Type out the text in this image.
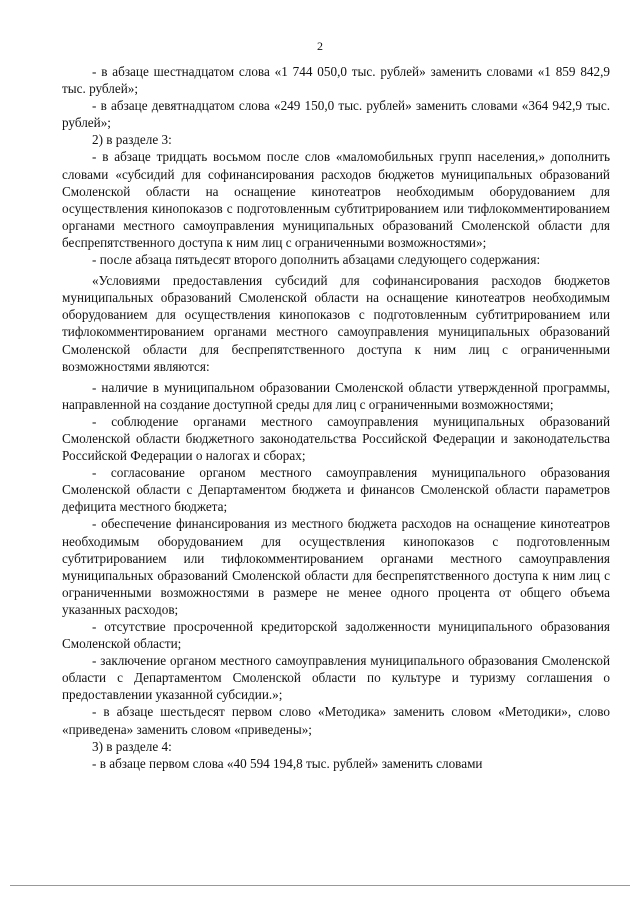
2

- в абзаце шестнадцатом слова «1 744 050,0 тыс. рублей» заменить словами «1 859 842,9 тыс. рублей»;

- в абзаце девятнадцатом слова «249 150,0 тыс. рублей» заменить словами «364 942,9 тыс. рублей»;

2) в разделе 3:

- в абзаце тридцать восьмом после слов «маломобильных групп населения,» дополнить словами «субсидий для софинансирования расходов бюджетов муниципальных образований Смоленской области на оснащение кинотеатров необходимым оборудованием для осуществления кинопоказов с подготовленным субтитрированием или тифлокомментированием органами местного самоуправления муниципальных образований Смоленской области для беспрепятственного доступа к ним лиц с ограниченными возможностями»;

- после абзаца пятьдесят второго дополнить абзацами следующего содержания:

«Условиями предоставления субсидий для софинансирования расходов бюджетов муниципальных образований Смоленской области на оснащение кинотеатров необходимым оборудованием для осуществления кинопоказов с подготовленным субтитрированием или тифлокомментированием органами местного самоуправления муниципальных образований Смоленской области для беспрепятственного доступа к ним лиц с ограниченными возможностями являются:

- наличие в муниципальном образовании Смоленской области утвержденной программы, направленной на создание доступной среды для лиц с ограниченными возможностями;

- соблюдение органами местного самоуправления муниципальных образований Смоленской области бюджетного законодательства Российской Федерации и законодательства Российской Федерации о налогах и сборах;

- согласование органом местного самоуправления муниципального образования Смоленской области с Департаментом бюджета и финансов Смоленской области параметров дефицита местного бюджета;

- обеспечение финансирования из местного бюджета расходов на оснащение кинотеатров необходимым оборудованием для осуществления кинопоказов с подготовленным субтитрированием или тифлокомментированием органами местного самоуправления муниципальных образований Смоленской области для беспрепятственного доступа к ним лиц с ограниченными возможностями в размере не менее одного процента от общего объема указанных расходов;

- отсутствие просроченной кредиторской задолженности муниципального образования Смоленской области;

- заключение органом местного самоуправления муниципального образования Смоленской области с Департаментом Смоленской области по культуре и туризму соглашения о предоставлении указанной субсидии.»;

- в абзаце шестьдесят первом слово «Методика» заменить словом «Методики», слово «приведена» заменить словом «приведены»;

3) в разделе 4:

- в абзаце первом слова «40 594 194,8 тыс. рублей» заменить словами
